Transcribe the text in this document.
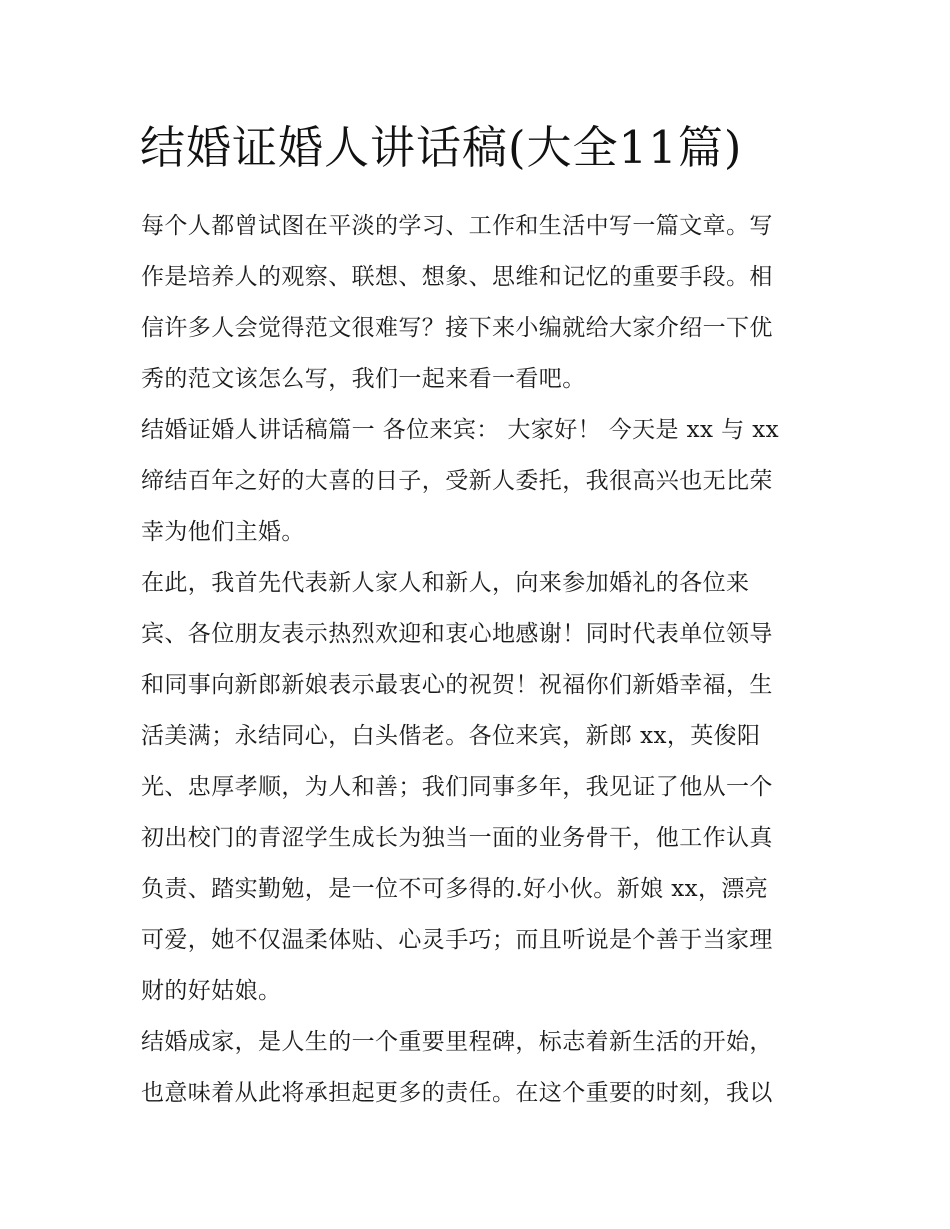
结婚证婚人讲话稿(大全11篇)
每个人都曾试图在平淡的学习、工作和生活中写一篇文章。写
作是培养人的观察、联想、想象、思维和记忆的重要手段。相
信许多人会觉得范文很难写？接下来小编就给大家介绍一下优
秀的范文该怎么写，我们一起来看一看吧。
结婚证婚人讲话稿篇一 各位来宾： 大家好！ 今天是 xx 与 xx
缔结百年之好的大喜的日子，受新人委托，我很高兴也无比荣
幸为他们主婚。
在此，我首先代表新人家人和新人，向来参加婚礼的各位来
宾、各位朋友表示热烈欢迎和衷心地感谢！同时代表单位领导
和同事向新郎新娘表示最衷心的祝贺！祝福你们新婚幸福，生
活美满；永结同心，白头偕老。各位来宾，新郎 xx，英俊阳
光、忠厚孝顺，为人和善；我们同事多年，我见证了他从一个
初出校门的青涩学生成长为独当一面的业务骨干，他工作认真
负责、踏实勤勉，是一位不可多得的.好小伙。新娘 xx，漂亮
可爱，她不仅温柔体贴、心灵手巧；而且听说是个善于当家理
财的好姑娘。
结婚成家，是人生的一个重要里程碑，标志着新生活的开始，
也意味着从此将承担起更多的责任。在这个重要的时刻，我以
